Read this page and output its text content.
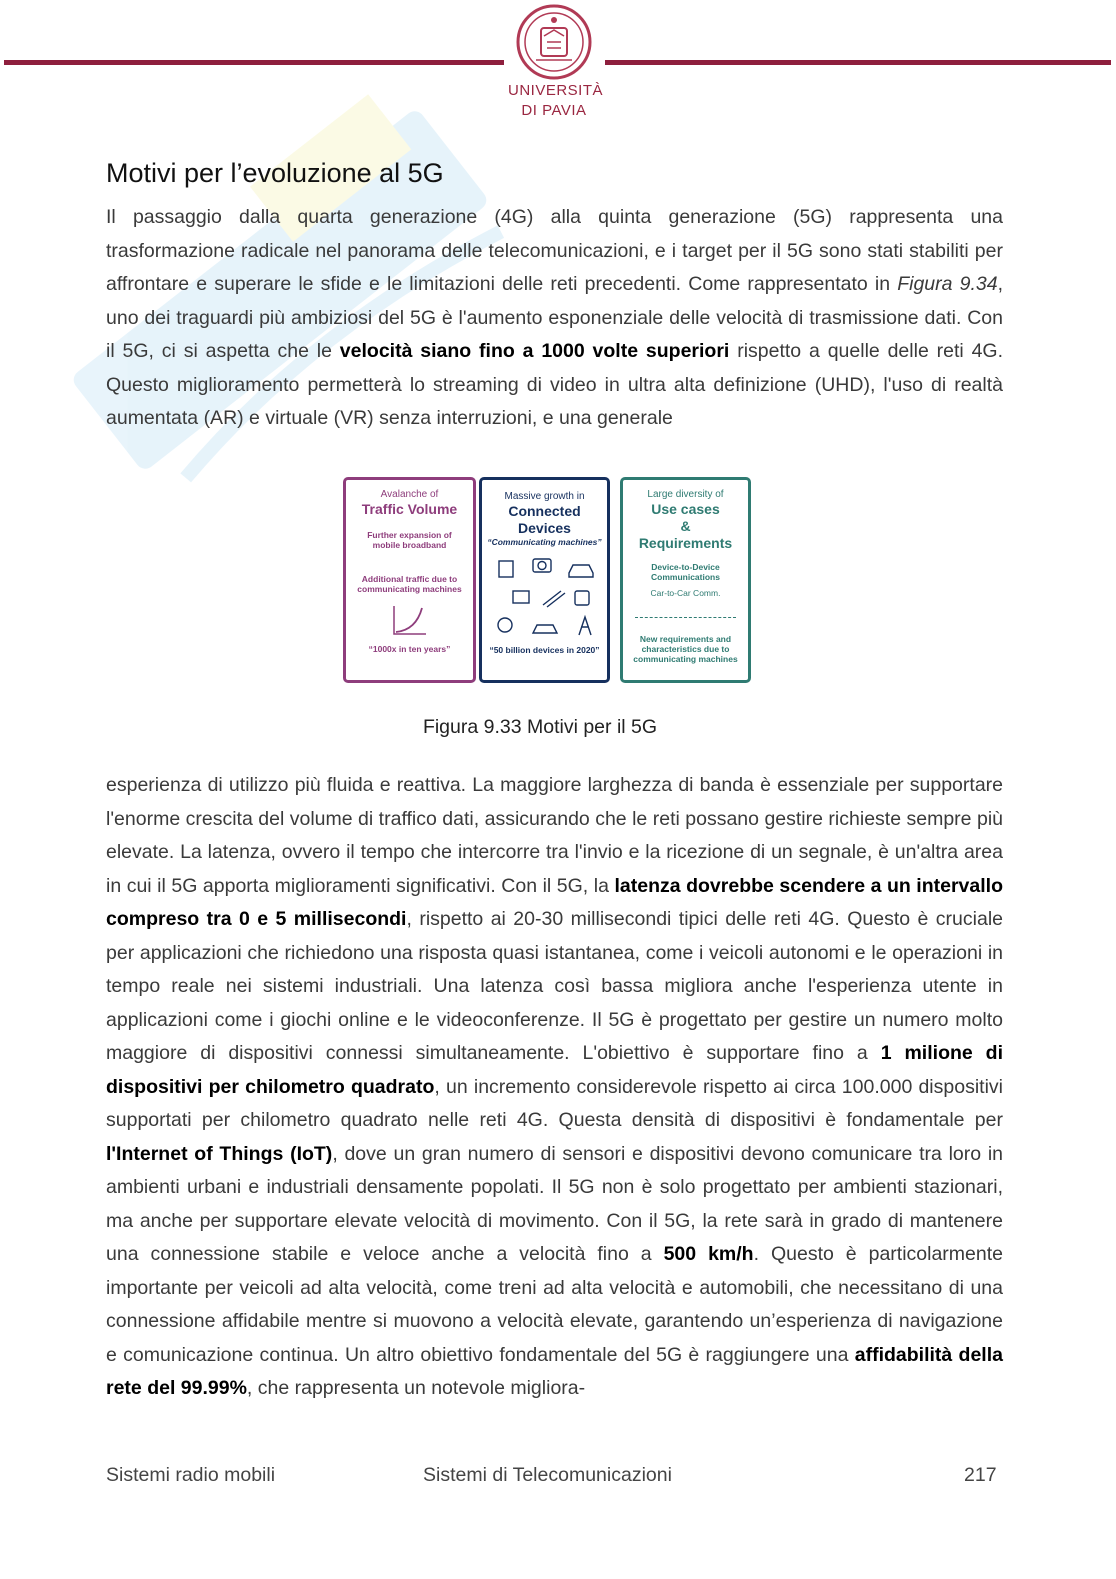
UNIVERSITÀ
DI PAVIA
Motivi per l’evoluzione al 5G

Il passaggio dalla quarta generazione (4G) alla quinta generazione (5G) rappresenta una trasformazione radicale nel panorama delle telecomunicazioni, e i target per il 5G sono stati stabiliti per affrontare e superare le sfide e le limitazioni delle reti precedenti. Come rappresentato in Figura 9.34, uno dei traguardi più ambiziosi del 5G è l'aumento esponenziale delle velocità di trasmissione dati. Con il 5G, ci si aspetta che le velocità siano fino a 1000 volte superiori rispetto a quelle delle reti 4G. Questo miglioramento permetterà lo streaming di video in ultra alta definizione (UHD), l'uso di realtà aumentata (AR) e virtuale (VR) senza interruzioni, e una generale

Avalanche of
Traffic Volume
Further expansion of mobile broadband
Additional traffic due to communicating machines
“1000x in ten years”
Massive growth in
Connected
Devices
“Communicating machines”
“50 billion devices in 2020”
Large diversity of
Use cases
&
Requirements
Device-to-Device Communications
Car-to-Car Comm.
New requirements and characteristics due to communicating machines
Figura 9.33 Motivi per il 5G

esperienza di utilizzo più fluida e reattiva. La maggiore larghezza di banda è essenziale per supportare l'enorme crescita del volume di traffico dati, assicurando che le reti possano gestire richieste sempre più elevate. La latenza, ovvero il tempo che intercorre tra l'invio e la ricezione di un segnale, è un'altra area in cui il 5G apporta miglioramenti significativi. Con il 5G, la latenza dovrebbe scendere a un intervallo compreso tra 0 e 5 millisecondi, rispetto ai 20-30 millisecondi tipici delle reti 4G. Questo è cruciale per applicazioni che richiedono una risposta quasi istantanea, come i veicoli autonomi e le operazioni in tempo reale nei sistemi industriali. Una latenza così bassa migliora anche l'esperienza utente in applicazioni come i giochi online e le videoconferenze. Il 5G è progettato per gestire un numero molto maggiore di dispositivi connessi simultaneamente. L'obiettivo è supportare fino a 1 milione di dispositivi per chilometro quadrato, un incremento considerevole rispetto ai circa 100.000 dispositivi supportati per chilometro quadrato nelle reti 4G. Questa densità di dispositivi è fondamentale per l'Internet of Things (IoT), dove un gran numero di sensori e dispositivi devono comunicare tra loro in ambienti urbani e industriali densamente popolati. Il 5G non è solo progettato per ambienti stazionari, ma anche per supportare elevate velocità di movimento. Con il 5G, la rete sarà in grado di mantenere una connessione stabile e veloce anche a velocità fino a 500 km/h. Questo è particolarmente importante per veicoli ad alta velocità, come treni ad alta velocità e automobili, che necessitano di una connessione affidabile mentre si muovono a velocità elevate, garantendo un’esperienza di navigazione e comunicazione continua. Un altro obiettivo fondamentale del 5G è raggiungere una affidabilità della rete del 99.99%, che rappresenta un notevole migliora-

Sistemi radio mobili	Sistemi di Telecomunicazioni	217
